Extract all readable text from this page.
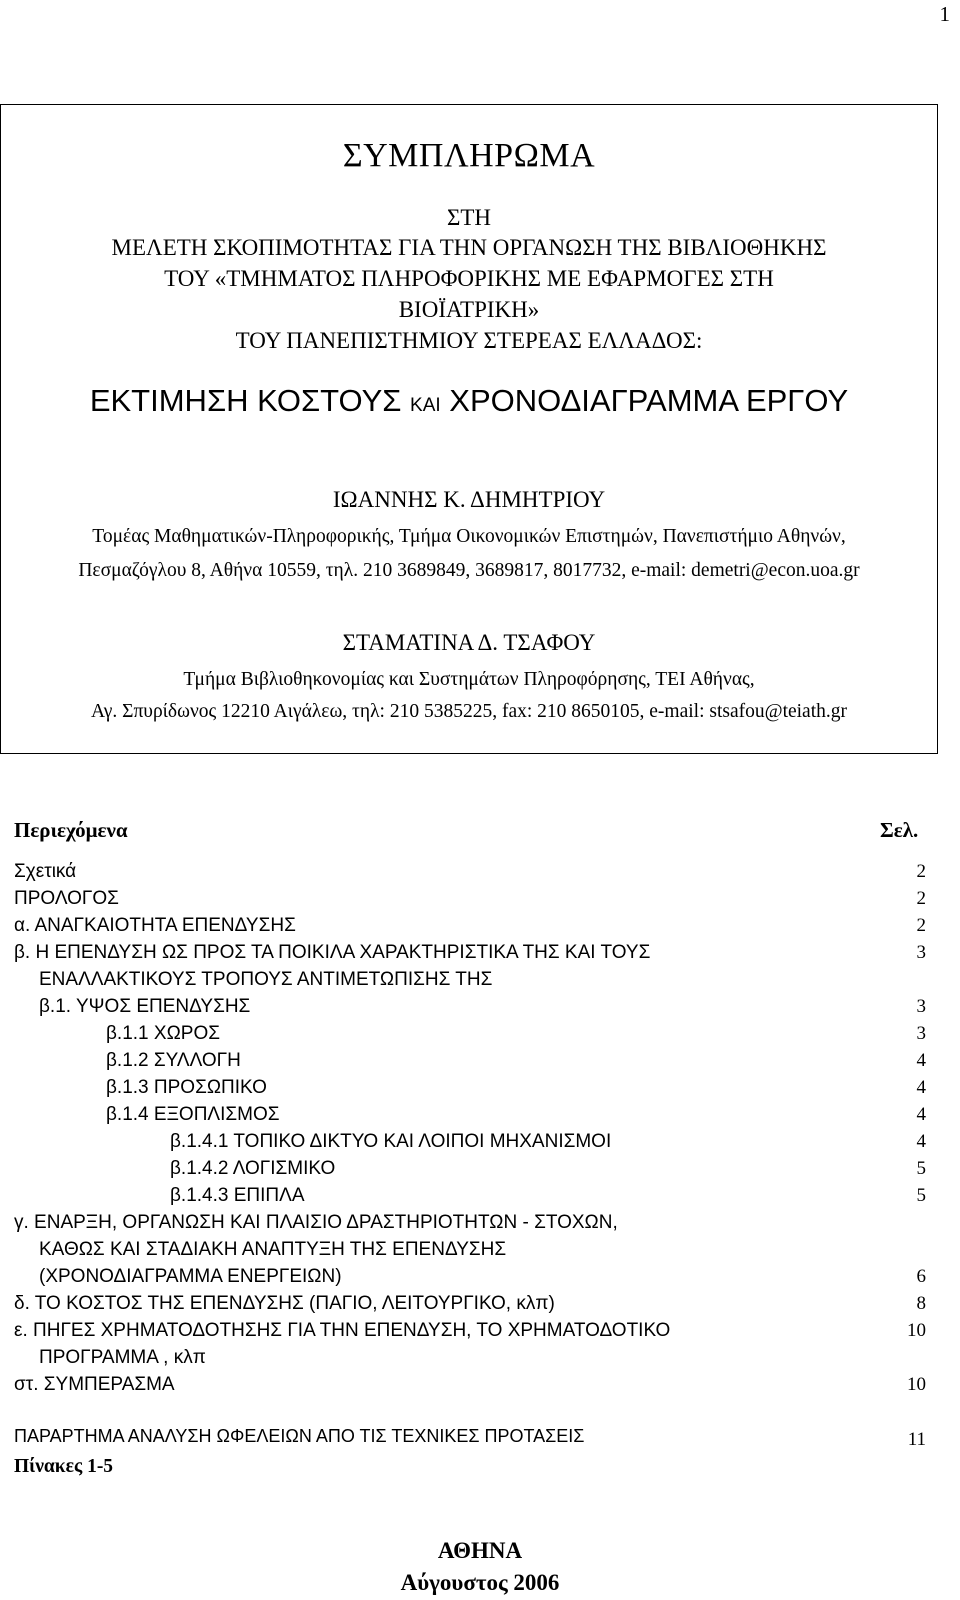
1
ΣΥΜΠΛΗΡΩΜΑ
ΣΤΗ
ΜΕΛΕΤΗ ΣΚΟΠΙΜΟΤΗΤΑΣ ΓΙΑ ΤΗΝ ΟΡΓΑΝΩΣΗ ΤΗΣ ΒΙΒΛΙΟΘΗΚΗΣ
ΤΟΥ «ΤΜΗΜΑΤΟΣ ΠΛΗΡΟΦΟΡΙΚΗΣ ΜΕ ΕΦΑΡΜΟΓΕΣ ΣΤΗ
ΒΙΟΪΑΤΡΙΚΗ»
ΤΟΥ ΠΑΝΕΠΙΣΤΗΜΙΟΥ ΣΤΕΡΕΑΣ ΕΛΛΑΔΟΣ:
ΕΚΤΙΜΗΣΗ ΚΟΣΤΟΥΣ ΚΑΙ ΧΡΟΝΟΔΙΑΓΡΑΜΜΑ ΕΡΓΟΥ
ΙΩΑΝΝΗΣ Κ. ΔΗΜΗΤΡΙΟΥ
Τομέας Μαθηματικών-Πληροφορικής, Τμήμα Οικονομικών Επιστημών, Πανεπιστήμιο Αθηνών,
Πεσμαζόγλου 8, Αθήνα 10559, τηλ. 210 3689849, 3689817, 8017732, e-mail: demetri@econ.uoa.gr
ΣΤΑΜΑΤΙΝΑ Δ. ΤΣΑΦΟΥ
Τμήμα Βιβλιοθηκονομίας και Συστημάτων Πληροφόρησης, ΤΕΙ Αθήνας,
Αγ. Σπυρίδωνος 12210 Αιγάλεω, τηλ: 210 5385225, fax: 210 8650105, e-mail: stsafou@teiath.gr
Περιεχόμενα	Σελ.
Σχετικά	2
ΠΡΟΛΟΓΟΣ	2
α. ΑΝΑΓΚΑΙΟΤΗΤΑ ΕΠΕΝΔΥΣΗΣ	2
β. Η ΕΠΕΝΔΥΣΗ ΩΣ ΠΡΟΣ ΤΑ ΠΟΙΚΙΛΑ ΧΑΡΑΚΤΗΡΙΣΤΙΚΑ ΤΗΣ ΚΑΙ ΤΟΥΣ	3
ΕΝΑΛΛΑΚΤΙΚΟΥΣ ΤΡΟΠΟΥΣ ΑΝΤΙΜΕΤΩΠΙΣΗΣ ΤΗΣ
β.1. ΥΨΟΣ ΕΠΕΝΔΥΣΗΣ	3
β.1.1 ΧΩΡΟΣ	3
β.1.2 ΣΥΛΛΟΓΗ	4
β.1.3 ΠΡΟΣΩΠΙΚΟ	4
β.1.4 ΕΞΟΠΛΙΣΜΟΣ	4
β.1.4.1 ΤΟΠΙΚΟ ΔΙΚΤΥΟ ΚΑΙ ΛΟΙΠΟΙ ΜΗΧΑΝΙΣΜΟΙ	4
β.1.4.2 ΛΟΓΙΣΜΙΚΟ	5
β.1.4.3 ΕΠΙΠΛΑ	5
γ. ΕΝΑΡΞΗ, ΟΡΓΑΝΩΣΗ ΚΑΙ ΠΛΑΙΣΙΟ ΔΡΑΣΤΗΡΙΟΤΗΤΩΝ - ΣΤΟΧΩΝ,
ΚΑΘΩΣ ΚΑΙ ΣΤΑΔΙΑΚΗ ΑΝΑΠΤΥΞΗ ΤΗΣ ΕΠΕΝΔΥΣΗΣ
(ΧΡΟΝΟΔΙΑΓΡΑΜΜΑ ΕΝΕΡΓΕΙΩΝ)	6
δ. ΤΟ ΚΟΣΤΟΣ ΤΗΣ ΕΠΕΝΔΥΣΗΣ (ΠΑΓΙΟ, ΛΕΙΤΟΥΡΓΙΚΟ, κλπ)	8
ε. ΠΗΓΕΣ ΧΡΗΜΑΤΟΔΟΤΗΣΗΣ ΓΙΑ ΤΗΝ ΕΠΕΝΔΥΣΗ, ΤΟ ΧΡΗΜΑΤΟΔΟΤΙΚΟ	10
ΠΡΟΓΡΑΜΜΑ , κλπ
στ. ΣΥΜΠΕΡΑΣΜΑ	10
ΠΑΡΑΡΤΗΜΑ ΑΝΑΛΥΣΗ ΩΦΕΛΕΙΩΝ ΑΠΟ ΤΙΣ ΤΕΧΝΙΚΕΣ ΠΡΟΤΑΣΕΙΣ	11
Πίνακες 1-5
ΑΘΗΝΑ
Αύγουστος 2006
